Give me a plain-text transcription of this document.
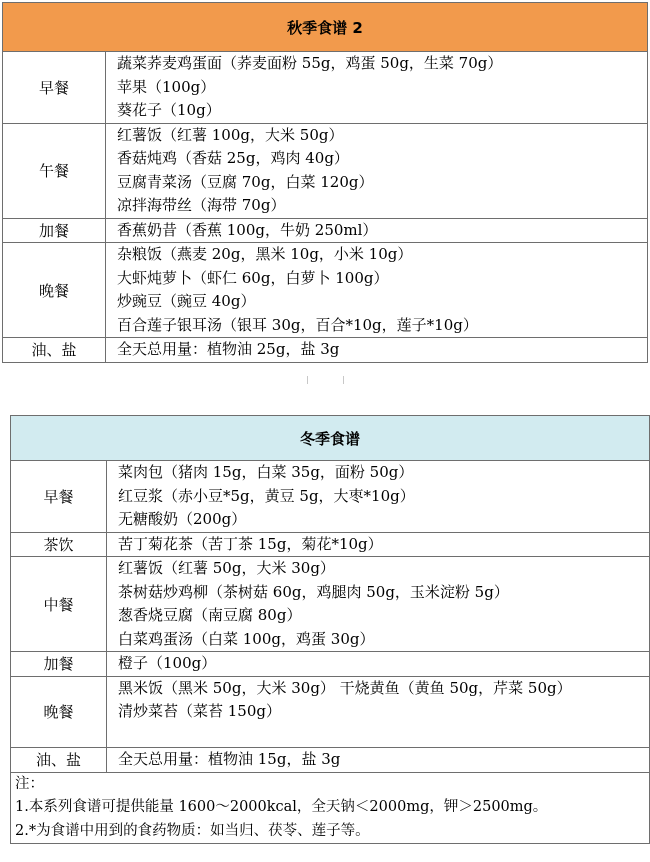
秋季食谱 2	
早餐	蔬菜荞麦鸡蛋面（荞麦面粉 55g，鸡蛋 50g，生菜 70g）
苹果（100g）
葵花子（10g）

午餐	红薯饭（红薯 100g，大米 50g）
香菇炖鸡（香菇 25g，鸡肉 40g）
豆腐青菜汤（豆腐 70g，白菜 120g）
凉拌海带丝（海带 70g）

加餐	香蕉奶昔（香蕉 100g，牛奶 250ml）

晚餐	杂粮饭（燕麦 20g，黑米 10g，小米 10g）
大虾炖萝卜（虾仁 60g，白萝卜 100g）
炒豌豆（豌豆 40g）
百合莲子银耳汤（银耳 30g，百合*10g，莲子*10g）

油、盐	全天总用量：植物油 25g，盐 3g
冬季食谱	
早餐	菜肉包（猪肉 15g，白菜 35g，面粉 50g）
红豆浆（赤小豆*5g，黄豆 5g，大枣*10g）
无糖酸奶（200g）

茶饮	苦丁菊花茶（苦丁茶 15g，菊花*10g）

中餐	红薯饭（红薯 50g，大米 30g）
茶树菇炒鸡柳（茶树菇 60g，鸡腿肉 50g，玉米淀粉 5g）
葱香烧豆腐（南豆腐 80g）
白菜鸡蛋汤（白菜 100g，鸡蛋 30g）

加餐	橙子（100g）

晚餐	黑米饭（黑米 50g，大米 30g） 干烧黄鱼（黄鱼 50g，芹菜 50g）
清炒菜苔（菜苔 150g）

油、盐	全天总用量：植物油 15g，盐 3g

注：
1.本系列食谱可提供能量 1600～2000kcal，全天钠＜2000mg，钾＞2500mg。
2.*为食谱中用到的食药物质：如当归、茯苓、莲子等。	
